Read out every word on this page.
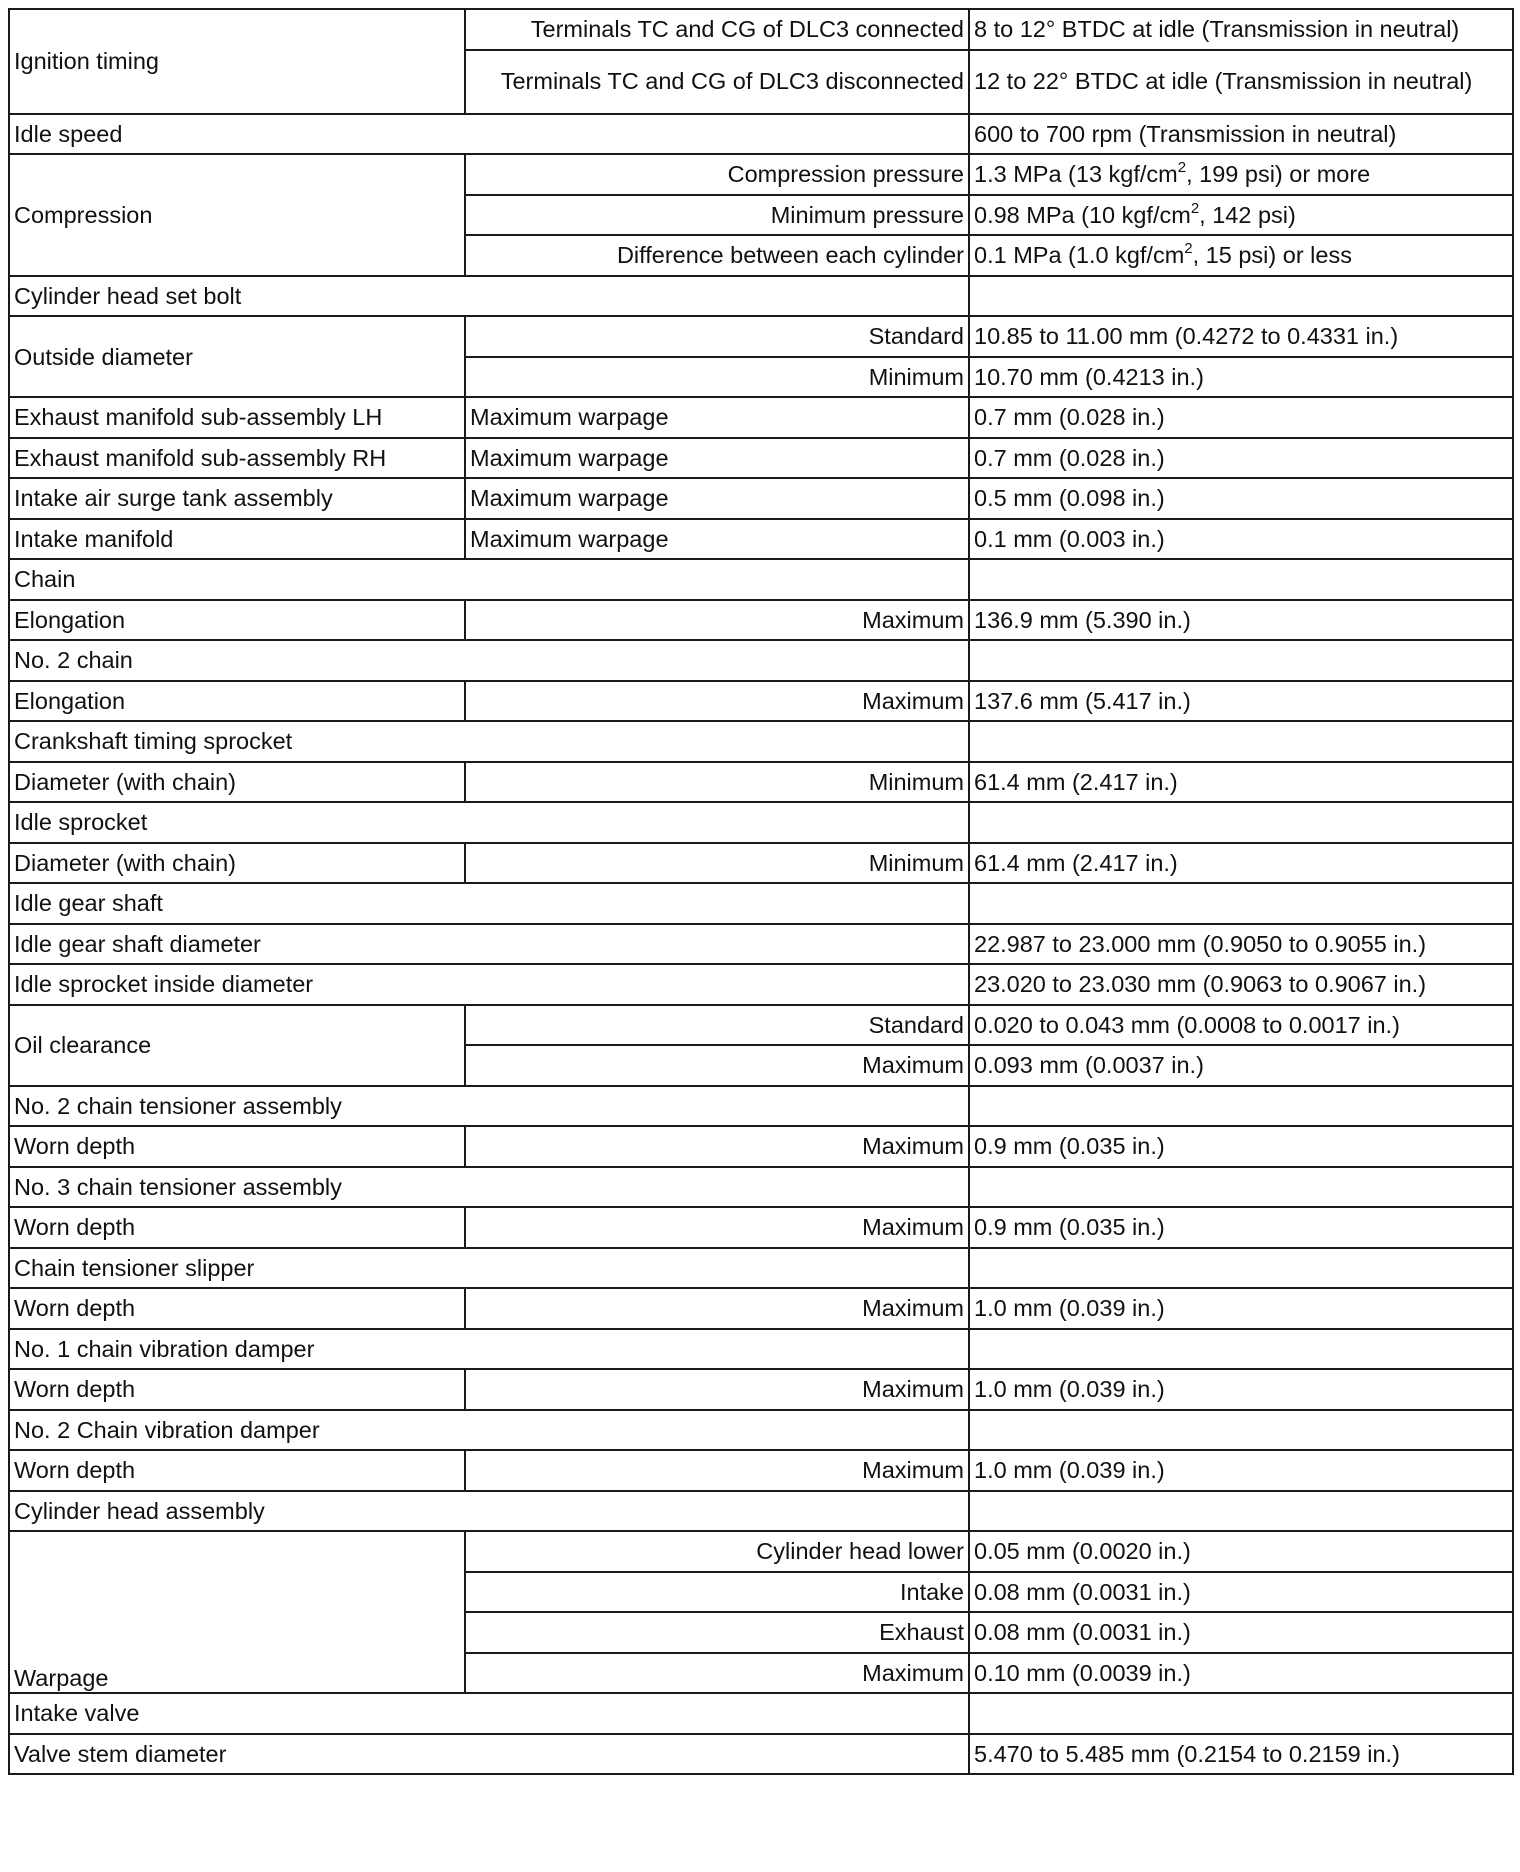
Ignition timing	Terminals TC and CG of DLC3 connected	8 to 12° BTDC at idle (Transmission in neutral)
	Terminals TC and CG of DLC3 disconnected	12 to 22° BTDC at idle (Transmission in neutral)
Idle speed		600 to 700 rpm (Transmission in neutral)
Compression	Compression pressure	1.3 MPa (13 kgf/$cm^2$, 199 psi) or more
	Minimum pressure	0.98 MPa (10 kgf/$cm^2$, 142 psi)
	Difference between each cylinder	0.1 MPa (1.0 kgf/$cm^2$, 15 psi) or less
Cylinder head set bolt		
Outside diameter	Standard	10.85 to 11.00 mm (0.4272 to 0.4331 in.)
	Minimum	10.70 mm (0.4213 in.)
Exhaust manifold sub-assembly LH	Maximum warpage	0.7 mm (0.028 in.)
Exhaust manifold sub-assembly RH	Maximum warpage	0.7 mm (0.028 in.)
Intake air surge tank assembly	Maximum warpage	0.5 mm (0.098 in.)
Intake manifold	Maximum warpage	0.1 mm (0.003 in.)
Chain		
Elongation	Maximum	136.9 mm (5.390 in.)
No. 2 chain		
Elongation	Maximum	137.6 mm (5.417 in.)
Crankshaft timing sprocket		
Diameter (with chain)	Minimum	61.4 mm (2.417 in.)
Idle sprocket		
Diameter (with chain)	Minimum	61.4 mm (2.417 in.)
Idle gear shaft		
Idle gear shaft diameter		22.987 to 23.000 mm (0.9050 to 0.9055 in.)
Idle sprocket inside diameter		23.020 to 23.030 mm (0.9063 to 0.9067 in.)
Oil clearance	Standard	0.020 to 0.043 mm (0.0008 to 0.0017 in.)
	Maximum	0.093 mm (0.0037 in.)
No. 2 chain tensioner assembly		
Worn depth	Maximum	0.9 mm (0.035 in.)
No. 3 chain tensioner assembly		
Worn depth	Maximum	0.9 mm (0.035 in.)
Chain tensioner slipper		
Worn depth	Maximum	1.0 mm (0.039 in.)
No. 1 chain vibration damper		
Worn depth	Maximum	1.0 mm (0.039 in.)
No. 2 Chain vibration damper		
Worn depth	Maximum	1.0 mm (0.039 in.)
Cylinder head assembly		
Warpage	Cylinder head lower	0.05 mm (0.0020 in.)
	Intake	0.08 mm (0.0031 in.)
	Exhaust	0.08 mm (0.0031 in.)
	Maximum	0.10 mm (0.0039 in.)
Intake valve		
Valve stem diameter		5.470 to 5.485 mm (0.2154 to 0.2159 in.)
